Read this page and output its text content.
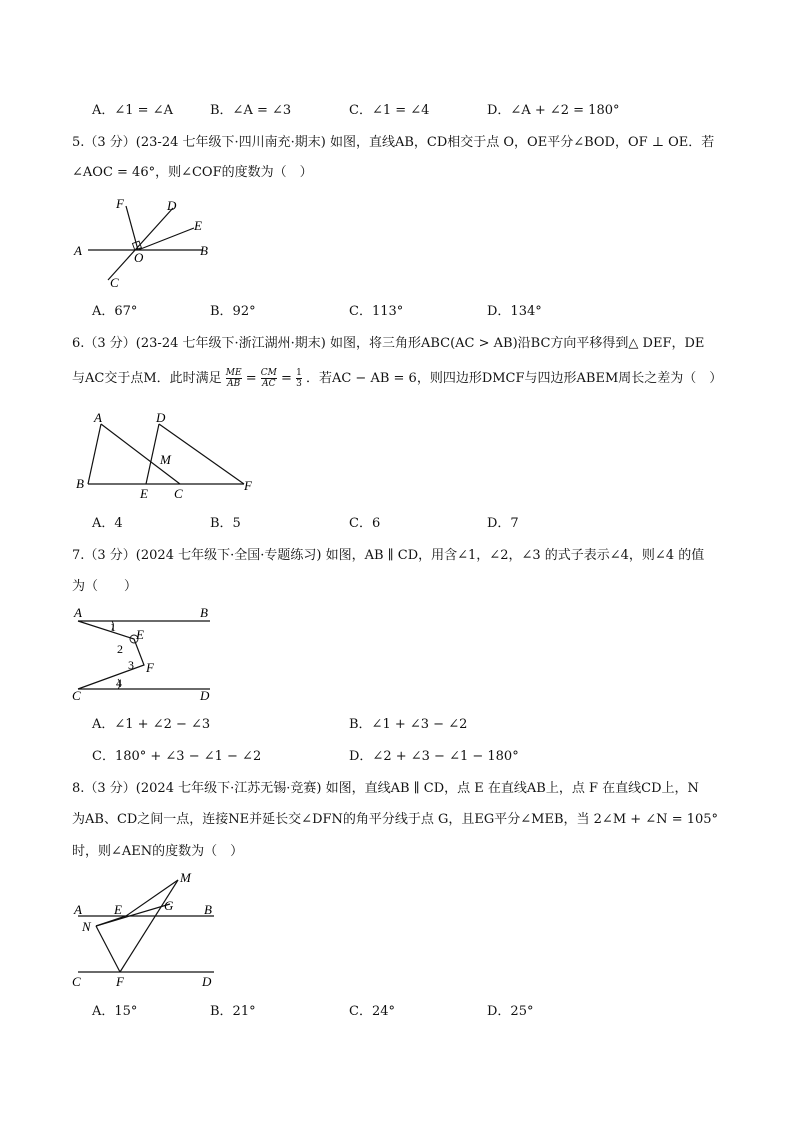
A．∠1 = ∠A	B．∠A = ∠3	C．∠1 = ∠4	D．∠A + ∠2 = 180°
5.（3 分）(23-24 七年级下·四川南充·期末) 如图，直线AB，CD相交于点 O，OE平分∠BOD，OF ⊥ OE．若
∠AOC = 46°，则∠COF的度数为（　）
F	D
E
A	O	B
C
A．67°	B．92°	C．113°	D．134°
6.（3 分）(23-24 七年级下·浙江湖州·期末) 如图，将三角形ABC(AC > AB)沿BC方向平移得到△ DEF，DE
与AC交于点M．此时满足 $\frac{ME}{AB} = \frac{CM}{AC} = \frac{1}{3}$ ．若AC − AB = 6，则四边形DMCF与四边形ABEM周长之差为（　）
A	D
M
B
E C
F
A．4	B．5	C．6	D．7
7.（3 分）(2024 七年级下·全国·专题练习) 如图，AB ∥ CD，用含∠1，∠2，∠3 的式子表示∠4，则∠4 的值
为（　　）
A	B
E
F
C	D
1
2
3
4
A．∠1 + ∠2 − ∠3	B．∠1 + ∠3 − ∠2
C．180° + ∠3 − ∠1 − ∠2	D．∠2 + ∠3 − ∠1 − 180°
8.（3 分）(2024 七年级下·江苏无锡·竞赛) 如图，直线AB ∥ CD，点 E 在直线AB上，点 F 在直线CD上，N
为AB、CD之间一点，连接NE并延长交∠DFN的角平分线于点 G，且EG平分∠MEB，当 2∠M + ∠N = 105°
时，则∠AEN的度数为（　）
M
A E	G B
N
C	F	D
A．15°	B．21°	C．24°	D．25°
